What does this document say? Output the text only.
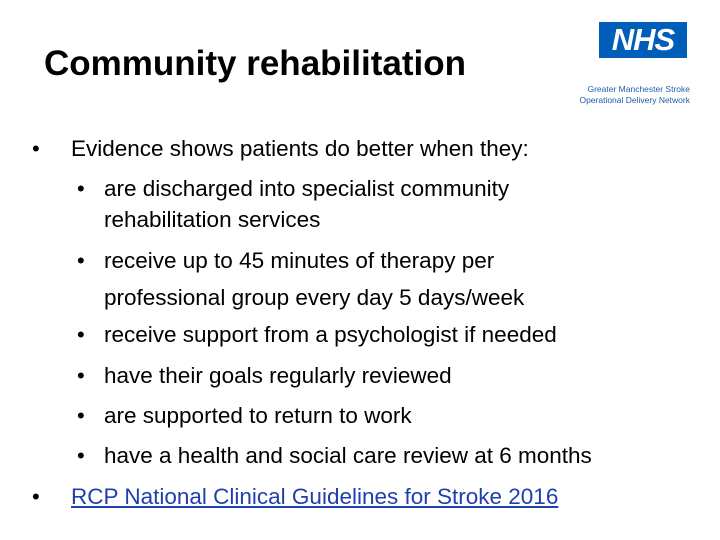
Community rehabilitation
NHS
Greater Manchester Stroke
Operational Delivery Network
• Evidence shows patients do better when they:
• are discharged into specialist community
rehabilitation services
• receive up to 45 minutes of therapy per
professional group every day 5 days/week
• receive support from a psychologist if needed
• have their goals regularly reviewed
• are supported to return to work
• have a health and social care review at 6 months
• RCP National Clinical Guidelines for Stroke 2016
